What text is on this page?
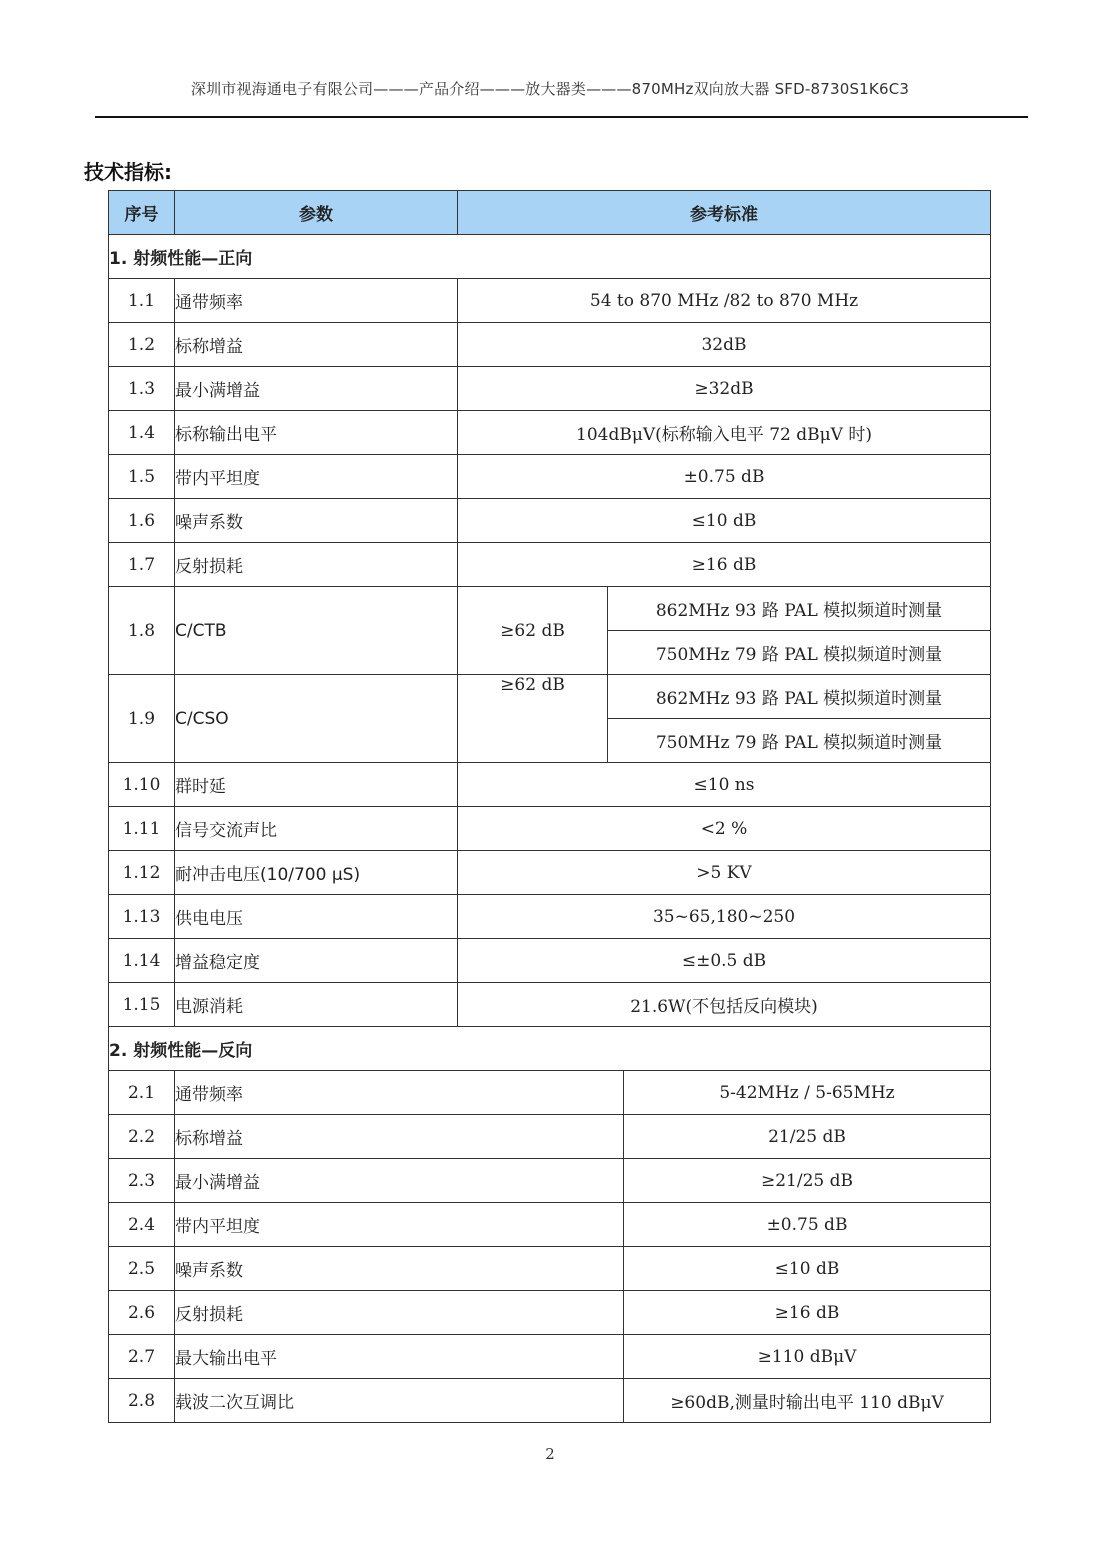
深圳市视海通电子有限公司———产品介绍———放大器类———870MHz双向放大器 SFD-8730S1K6C3
技术指标:
序号	参数	参考标准		
1. 射频性能—正向				
1.1	通带频率	54 to 870 MHz /82 to 870 MHz		
1.2	标称增益	32dB		
1.3	最小满增益	≥32dB		
1.4	标称输出电平	104dBμV(标称输入电平 72 dBμV 时)		
1.5	带内平坦度	±0.75 dB		
1.6	噪声系数	≤10 dB		
1.7	反射损耗	≥16 dB		
1.8	C/CTB	≥62 dB	862MHz 93 路 PAL 模拟频道时测量	
			750MHz 79 路 PAL 模拟频道时测量	
1.9	C/CSO	≥62 dB	862MHz 93 路 PAL 模拟频道时测量	
			750MHz 79 路 PAL 模拟频道时测量	
1.10	群时延	≤10 ns		
1.11	信号交流声比	<2 %		
1.12	耐冲击电压(10/700 μS)	>5 KV		
1.13	供电电压	35~65,180~250		
1.14	增益稳定度	≤±0.5 dB		
1.15	电源消耗	21.6W(不包括反向模块)		
2. 射频性能—反向				
2.1	通带频率			5-42MHz / 5-65MHz
2.2	标称增益			21/25 dB
2.3	最小满增益			≥21/25 dB
2.4	带内平坦度			±0.75 dB
2.5	噪声系数			≤10 dB
2.6	反射损耗			≥16 dB
2.7	最大输出电平			≥110 dBμV
2.8	载波二次互调比			≥60dB,测量时输出电平 110 dBμV
2
